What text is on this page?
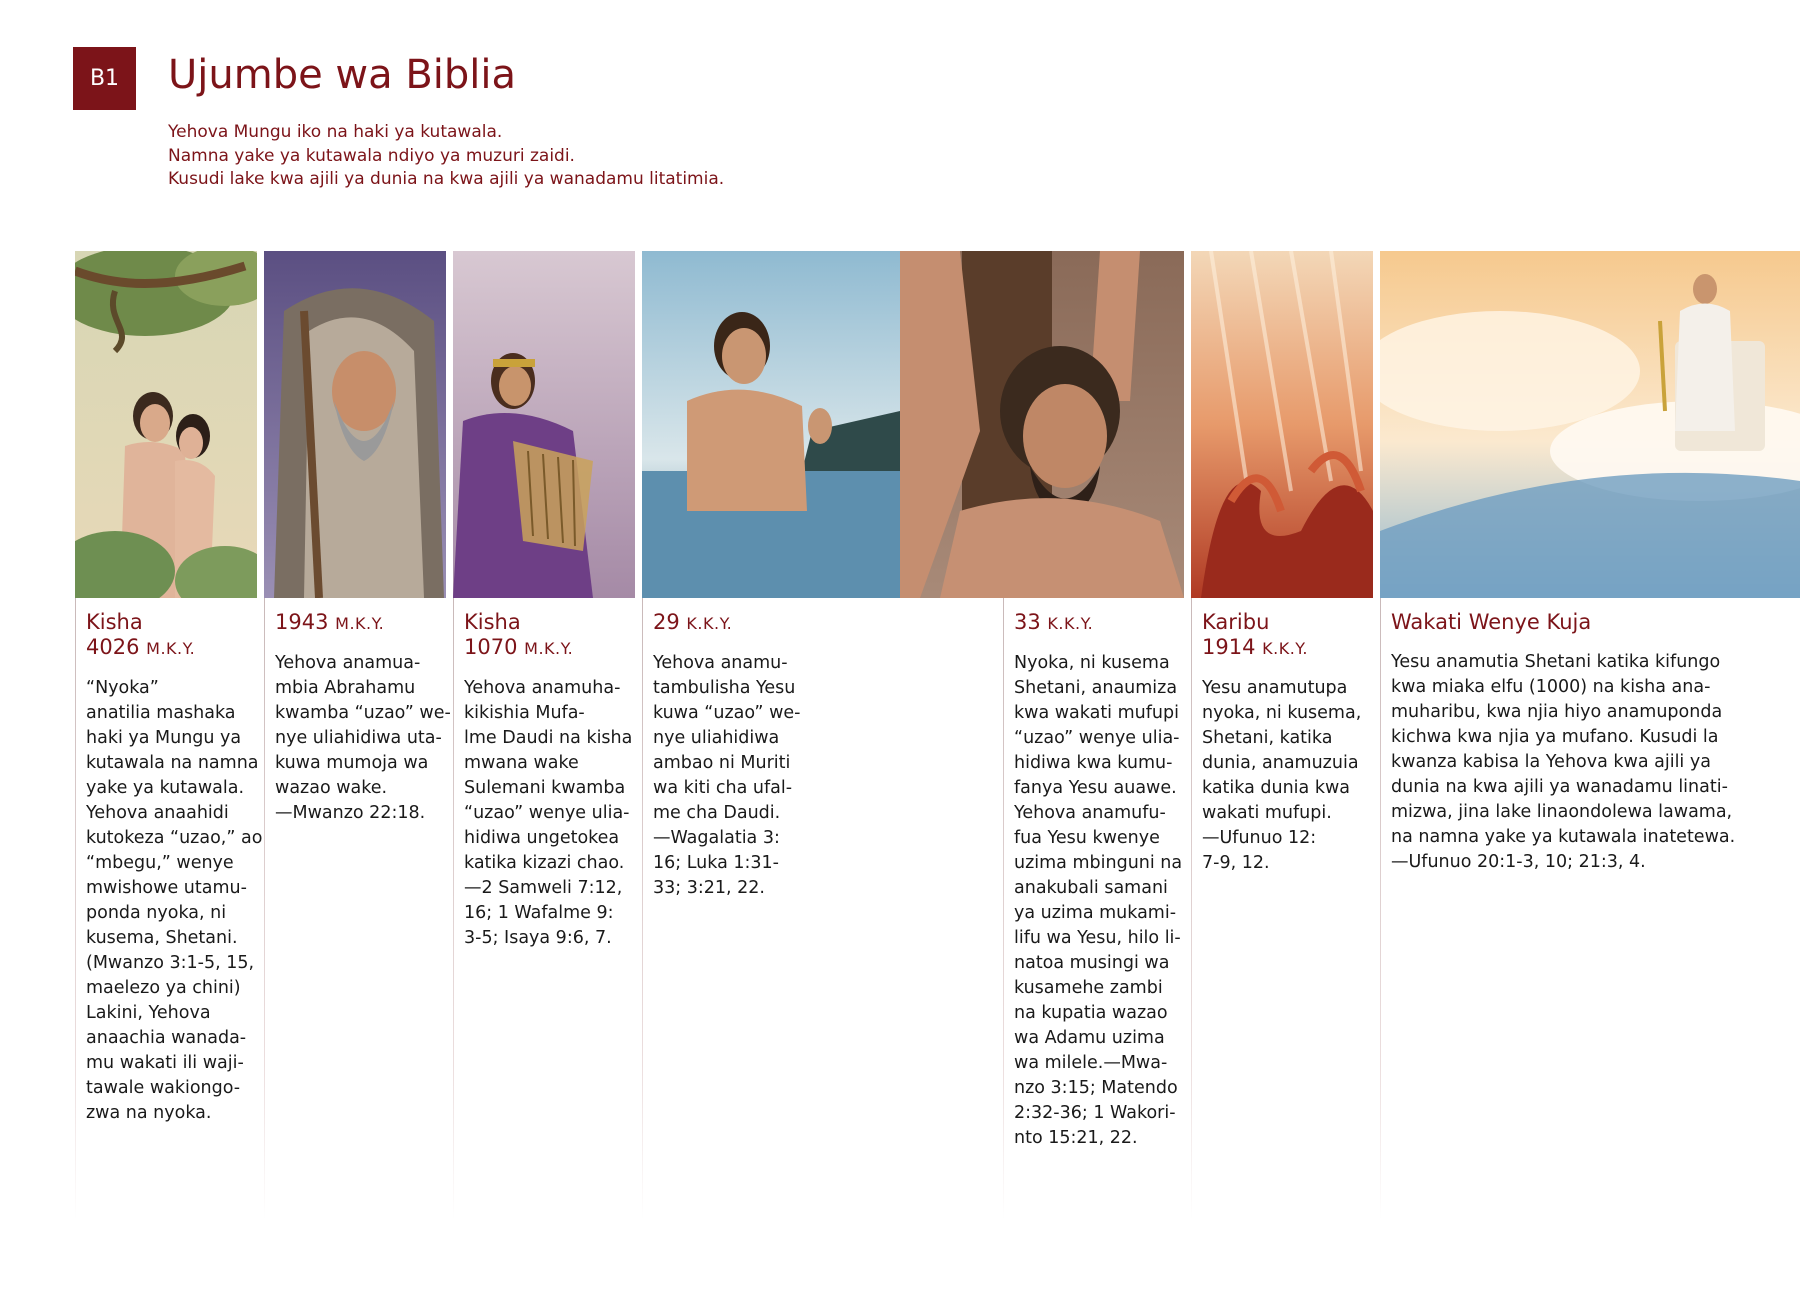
B1	Ujumbe wa Biblia
Yehova Mungu iko na haki ya kutawala.
Namna yake ya kutawala ndiyo ya muzuri zaidi.
Kusudi lake kwa ajili ya dunia na kwa ajili ya wanadamu litatimia.
Kisha
4026 M.K.Y.
“Nyoka”
anatilia mashaka
haki ya Mungu ya
kutawala na namna
yake ya kutawala.
Yehova anaahidi
kutokeza “uzao,” ao
“mbegu,” wenye
mwishowe utamu-
ponda nyoka, ni
kusema, Shetani.
(Mwanzo 3:1-5, 15,
maelezo ya chini)
Lakini, Yehova
anaachia wanada-
mu wakati ili waji-
tawale wakiongo-
zwa na nyoka.
1943 M.K.Y.
Yehova anamua-
mbia Abrahamu
kwamba “uzao” we-
nye uliahidiwa uta-
kuwa mumoja wa
wazao wake.
—Mwanzo 22:18.
Kisha
1070 M.K.Y.
Yehova anamuha-
kikishia Mufa-
lme Daudi na kisha
mwana wake
Sulemani kwamba
“uzao” wenye ulia-
hidiwa ungetokea
katika kizazi chao.
—2 Samweli 7:12,
16; 1 Wafalme 9:
3-5; Isaya 9:6, 7.
29 K.K.Y.
Yehova anamu-
tambulisha Yesu
kuwa “uzao” we-
nye uliahidiwa
ambao ni Muriti
wa kiti cha ufal-
me cha Daudi.
—Wagalatia 3:
16; Luka 1:31-
33; 3:21, 22.
33 K.K.Y.
Nyoka, ni kusema
Shetani, anaumiza
kwa wakati mufupi
“uzao” wenye ulia-
hidiwa kwa kumu-
fanya Yesu auawe.
Yehova anamufu-
fua Yesu kwenye
uzima mbinguni na
anakubali samani
ya uzima mukami-
lifu wa Yesu, hilo li-
natoa musingi wa
kusamehe zambi
na kupatia wazao
wa Adamu uzima
wa milele.—Mwa-
nzo 3:15; Matendo
2:32-36; 1 Wakori-
nto 15:21, 22.
Karibu
1914 K.K.Y.
Yesu anamutupa
nyoka, ni kusema,
Shetani, katika
dunia, anamuzuia
katika dunia kwa
wakati mufupi.
—Ufunuo 12:
7-9, 12.
Wakati Wenye Kuja
Yesu anamutia Shetani katika kifungo
kwa miaka elfu (1000) na kisha ana-
muharibu, kwa njia hiyo anamuponda
kichwa kwa njia ya mufano. Kusudi la
kwanza kabisa la Yehova kwa ajili ya
dunia na kwa ajili ya wanadamu linati-
mizwa, jina lake linaondolewa lawama,
na namna yake ya kutawala inatetewa.
—Ufunuo 20:1-3, 10; 21:3, 4.
